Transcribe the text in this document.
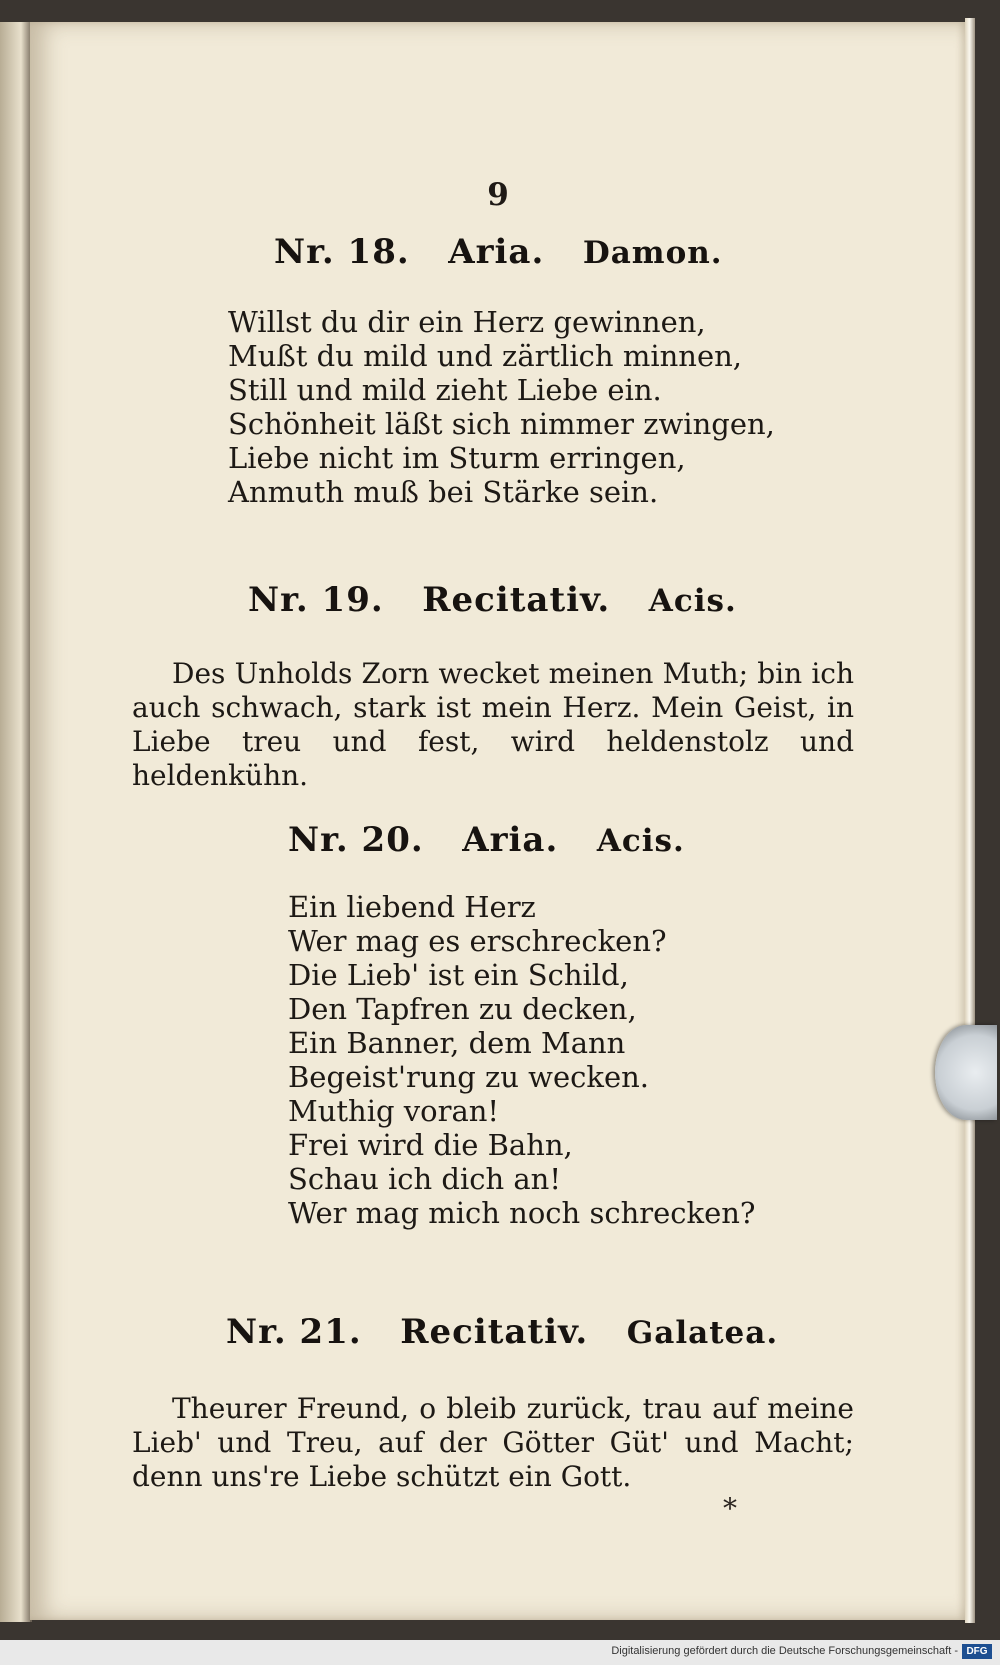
9
Nr. 18. Aria. Damon.
Willst du dir ein Herz gewinnen,
Mußt du mild und zärtlich minnen,
Still und mild zieht Liebe ein.
Schönheit läßt sich nimmer zwingen,
Liebe nicht im Sturm erringen,
Anmuth muß bei Stärke sein.
Nr. 19. Recitativ. Acis.
Des Unholds Zorn wecket meinen Muth; bin ich auch schwach, stark ist mein Herz. Mein Geist, in Liebe treu und fest, wird heldenstolz und heldenkühn.
Nr. 20. Aria. Acis.
Ein liebend Herz
Wer mag es erschrecken?
Die Lieb' ist ein Schild,
Den Tapfren zu decken,
Ein Banner, dem Mann
Begeist'rung zu wecken.
Muthig voran!
Frei wird die Bahn,
Schau ich dich an!
Wer mag mich noch schrecken?
Nr. 21. Recitativ. Galatea.
Theurer Freund, o bleib zurück, trau auf meine Lieb' und Treu, auf der Götter Güt' und Macht; denn uns're Liebe schützt ein Gott.
*
Digitalisierung gefördert durch die Deutsche Forschungsgemeinschaft - DFG
